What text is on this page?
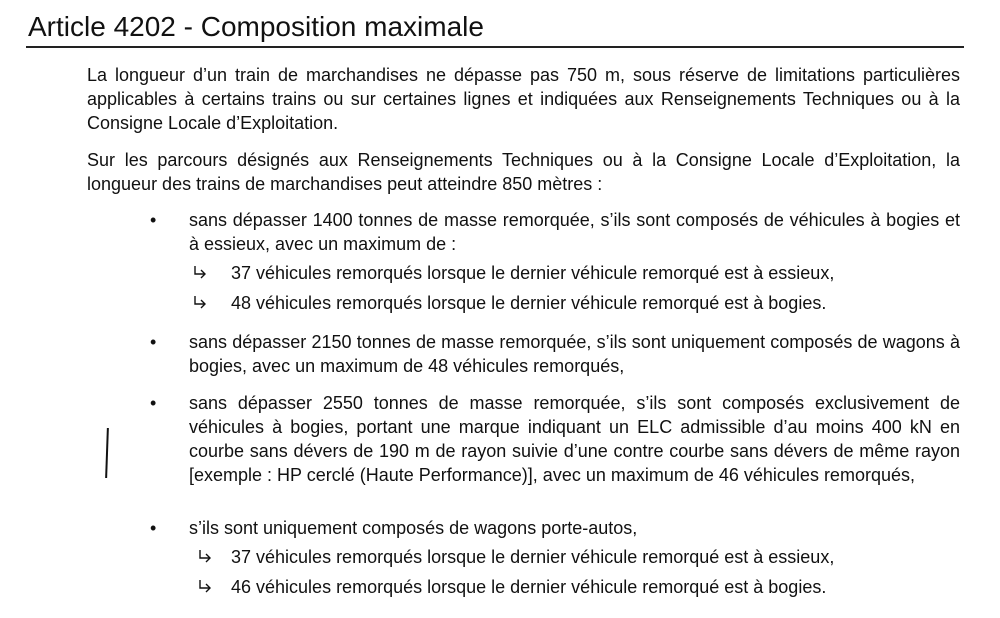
Article 4202 - Composition maximale

La longueur d’un train de marchandises ne dépasse pas 750 m, sous réserve de limitations particulières applicables à certains trains ou sur certaines lignes et indiquées aux Renseignements Techniques ou à la Consigne Locale d’Exploitation.

Sur les parcours désignés aux Renseignements Techniques ou à la Consigne Locale d’Exploitation, la longueur des trains de marchandises peut atteindre 850 mètres :

• sans dépasser 1400 tonnes de masse remorquée, s’ils sont composés de véhicules à bogies et à essieux, avec un maximum de :

37 véhicules remorqués lorsque le dernier véhicule remorqué est à essieux,
48 véhicules remorqués lorsque le dernier véhicule remorqué est à bogies.
• sans dépasser 2150 tonnes de masse remorquée, s’ils sont uniquement composés de wagons à bogies, avec un maximum de 48 véhicules remorqués,

• sans dépasser 2550 tonnes de masse remorquée, s’ils sont composés exclusivement de véhicules à bogies, portant une marque indiquant un ELC admissible d’au moins 400 kN en courbe sans dévers de 190 m de rayon suivie d’une contre courbe sans dévers de même rayon [exemple : HP cerclé (Haute Performance)], avec un maximum de 46 véhicules remorqués,

• s’ils sont uniquement composés de wagons porte-autos,

37 véhicules remorqués lorsque le dernier véhicule remorqué est à essieux,
46 véhicules remorqués lorsque le dernier véhicule remorqué est à bogies.
